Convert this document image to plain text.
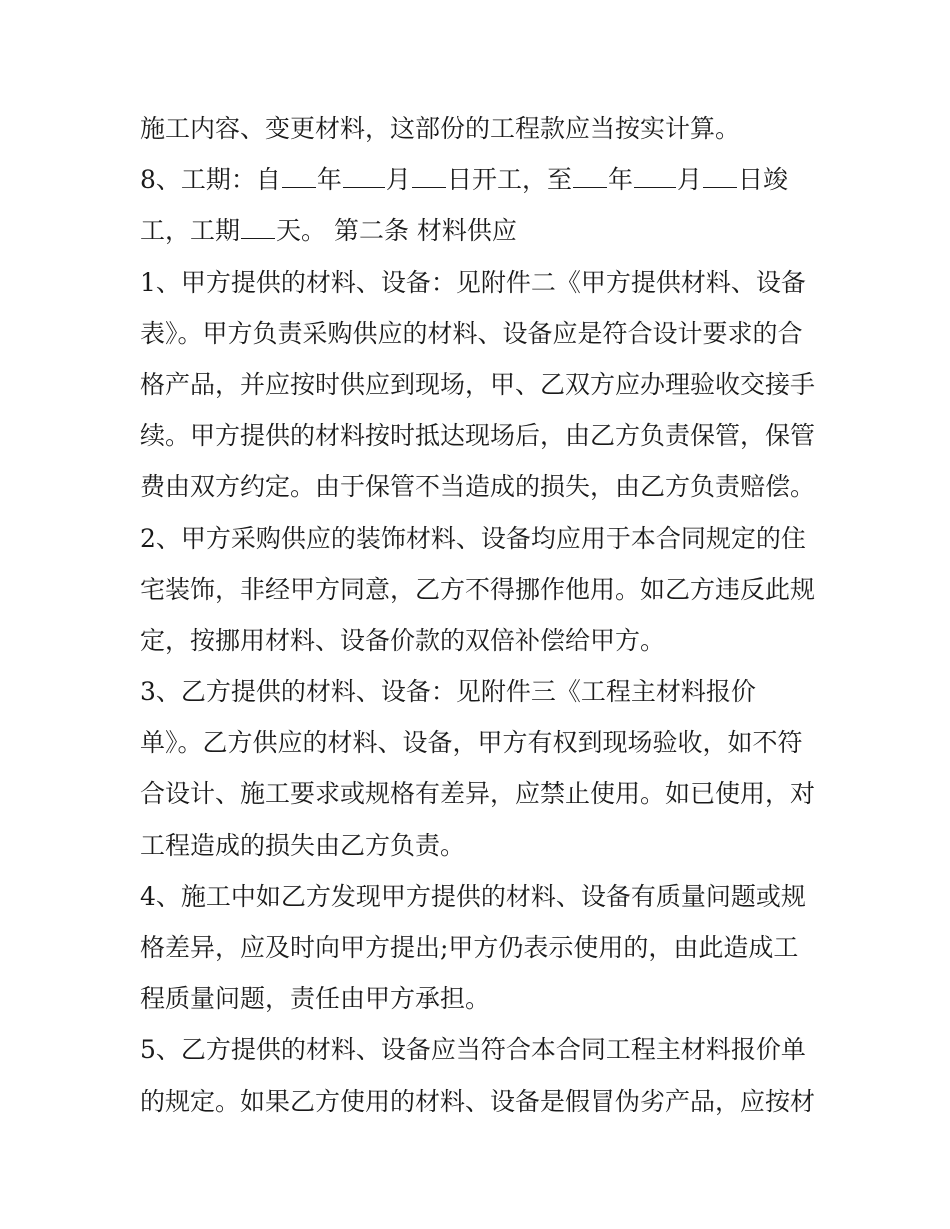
施工内容、变更材料，这部份的工程款应当按实计算。
8、工期：自 年 月 日开工，至 年 月 日竣
工，工期 天。 第二条 材料供应
1、甲方提供的材料、设备：见附件二《甲方提供材料、设备
表》。甲方负责采购供应的材料、设备应是符合设计要求的合
格产品，并应按时供应到现场，甲、乙双方应办理验收交接手
续。甲方提供的材料按时抵达现场后，由乙方负责保管，保管
费由双方约定。由于保管不当造成的损失，由乙方负责赔偿。
2、甲方采购供应的装饰材料、设备均应用于本合同规定的住
宅装饰，非经甲方同意，乙方不得挪作他用。如乙方违反此规
定，按挪用材料、设备价款的双倍补偿给甲方。
3、乙方提供的材料、设备：见附件三《工程主材料报价
单》。乙方供应的材料、设备，甲方有权到现场验收，如不符
合设计、施工要求或规格有差异，应禁止使用。如已使用，对
工程造成的损失由乙方负责。
4、施工中如乙方发现甲方提供的材料、设备有质量问题或规
格差异，应及时向甲方提出;甲方仍表示使用的，由此造成工
程质量问题，责任由甲方承担。
5、乙方提供的材料、设备应当符合本合同工程主材料报价单
的规定。如果乙方使用的材料、设备是假冒伪劣产品，应按材
